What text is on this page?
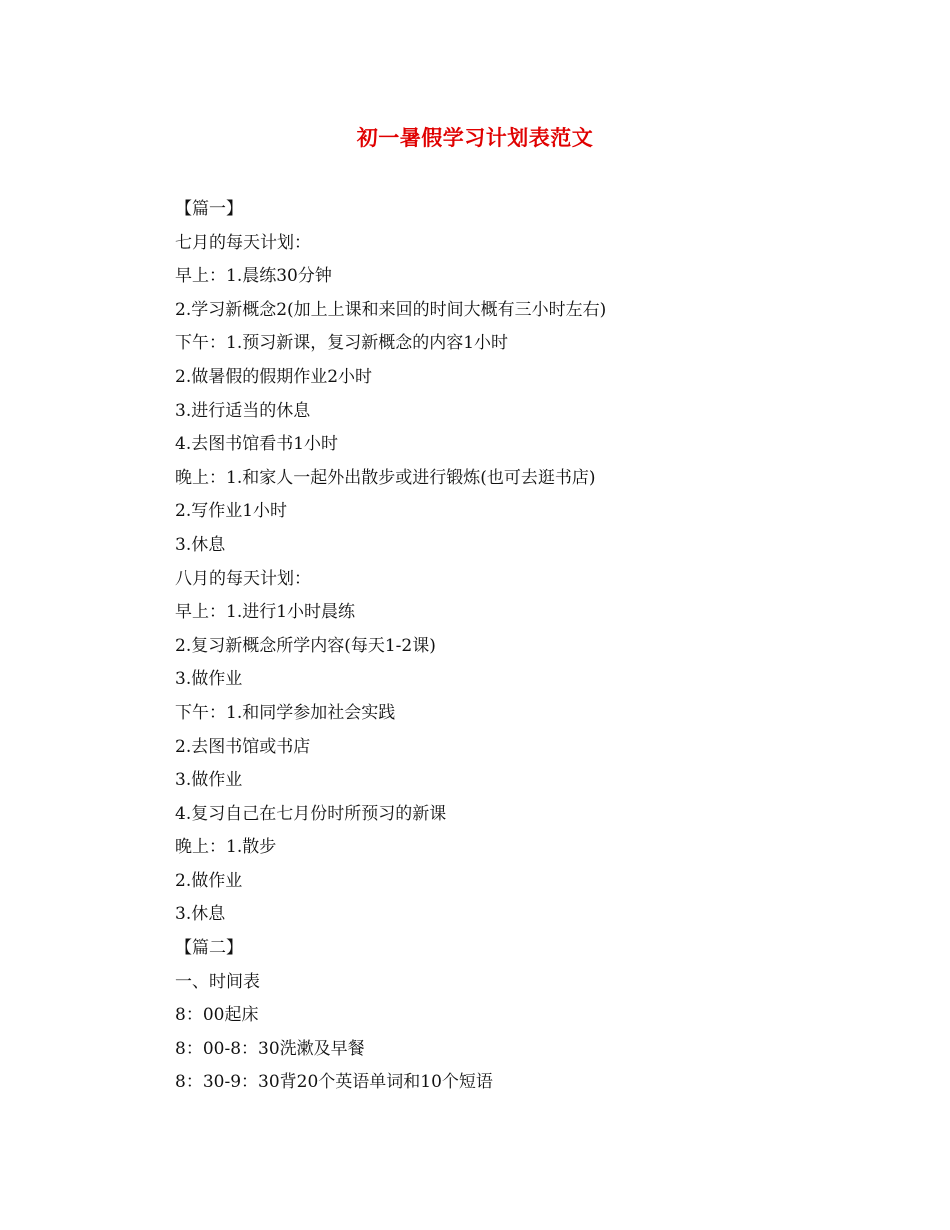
初一暑假学习计划表范文
【篇一】
七月的每天计划：
早上：1.晨练30分钟
2.学习新概念2(加上上课和来回的时间大概有三小时左右)
下午：1.预习新课，复习新概念的内容1小时
2.做暑假的假期作业2小时
3.进行适当的休息
4.去图书馆看书1小时
晚上：1.和家人一起外出散步或进行锻炼(也可去逛书店)
2.写作业1小时
3.休息
八月的每天计划：
早上：1.进行1小时晨练
2.复习新概念所学内容(每天1-2课)
3.做作业
下午：1.和同学参加社会实践
2.去图书馆或书店
3.做作业
4.复习自己在七月份时所预习的新课
晚上：1.散步
2.做作业
3.休息
【篇二】
一、时间表
8：00起床
8：00-8：30洗漱及早餐
8：30-9：30背20个英语单词和10个短语
